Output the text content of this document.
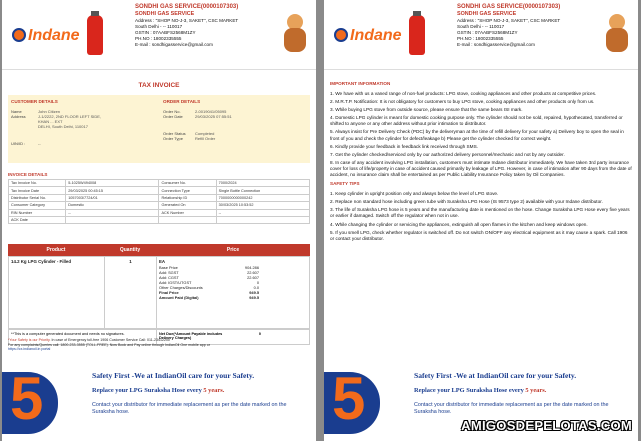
Indane
SONDHI GAS SERVICE(0000107303)
SONDHI GAS SERVICE
Address : "SHOP NO-J-3, SAKET", CSC MARKET
South Delhi - -- 110017
GSTIN : 07AABFS2568M1ZY
PH.NO : 18002335555
E-mail : sondhigasservice@gmail.com
TAX INVOICE
CUSTOMER DETAILS
Name	John Citizen
Address	J-1/2222, 2ND FLOOR LEFT SIDE,
KHAN ... EXT
DELHI, South Delhi, 110017
UIN/ID :	--
ORDER DETAILS
Order No.	2-0019041/05095
Order Date	29/03/2025 07:55:51
Order Status Completed
Order Type	Refill Order
INVOICE DETAILS
Tax Invoice No.	5-1025W494008	Consumer No.	7000/2024
Tax Invoice Date	29/03/2025 00:45:15	Connection Type	Single Bottle Connection
Distributor Serial No.	1057003/7724/01	Relationship ID	7000000000000242
Consumer Category	Domestic	Generated On	30/03/2025 10:53:52
RIN Number	--	ACK Number	--
ACK Date			
Product	Quantity	Price
14.2 Kg LPG Cylinder - Filled	1	EA
Base Price	904.286
Add: SGST	22.607
Add: CGST	22.607
Add: IGST/UTGST	0
Other Charges/Discounts	0.0
Final Price	949.5
Amount Paid (Digital)	949.5
**This is a computer generated document and needs no signatures.	Net Due(*Amount Payable includes Delivery Charges)
0
*Your Safety is our Priority. In case of Emergency toll-free 1906 Customer Service Call: 011-23412200
For any complaints/Queries call: 1800-233-3555 (TOLL-FREE). Now Book and Pay online through IndianOil One mobile app or
https://cx.indianoil.in portal
5	Safety First -We at IndianOil care for your Safety.
Replace your LPG Suraksha Hose every 5 years.
Contact your distributor for immediate replacement as per the date marked on the Suraksha hose.
Indane
SONDHI GAS SERVICE(0000107303)
SONDHI GAS SERVICE
Address : "SHOP NO-J-3, SAKET", CSC MARKET
South Delhi - -- 110017
GSTIN : 07AABFS2568M1ZY
PH.NO : 18002335555
E-mail : sondhigasservice@gmail.com
IMPORTANT INFORMATION

1. We have with us a vaned range of non-fuel products: LPG stove, cooking appliances and other products at competitive prices.

2. M.R.T.P. Notification: It is not obligatory for customers to buy LPG stove, cooking appliances and other products only from us.

3. While buying LPG stove from outside source, please ensure that the same bears ISI mark.

4. Domestic LPG cylinder is meant for domestic cooking purpose only. The cylinder should not be sold, repaired, hypothecated, transferred or shifted to anyone or any other address without prior intimation to distributor.

5. Always insist for Pre Delivery Check (PDC) by the deliveryman at the time of refill delivery for your safety a) Delivery boy to open the seal in front of you and check the cylinder for defect/leakage b) Please get the cylinder checked for correct weight.

6. Kindly provide your feedback in feedback link received through SMS.

7. Get the cylinder checked/serviced only by our authorized delivery personnel/mechanic and not by any outsider.

8. In case of any accident involving LPG installation, customers must intimate Indane distributor immediately. We have taken 3rd party insurance cover for loss of life/property in case of accident caused primarily by leakage of LPG. However, in case of intimation after 90 days from the date of accident, no insurance claim shall be entertained as per Public Liability Insurance Policy taken by Oil Companies.

SAFETY TIPS

1. Keep cylinder in upright position only and always below the level of LPG stove.

2. Replace non standard hose including green tube with Suraksha LPG Hose (IS 9573 type 2) available with your Indane distributor.

3. The life of Suraksha LPG hose is 5 years and the manufacturing date is mentioned on the hose. Change Suraksha LPG Hose every five years or earlier if damaged. Switch off the regulator when not in use.

4. While changing the cylinder or servicing the appliances, extinguish all open flames in the kitchen and keep windows open.

5. If you smell LPG, check whether regulator is switched off. Do not switch ON/OFF any electrical equipment as it may cause a spark. Call 1906 or contact your distributor.

5	Safety First -We at IndianOil care for your Safety.
Replace your LPG Suraksha Hose every 5 years.
Contact your distributor for immediate replacement as per the date marked on the Suraksha hose.
AMIGOSDEPELOTAS.COM
